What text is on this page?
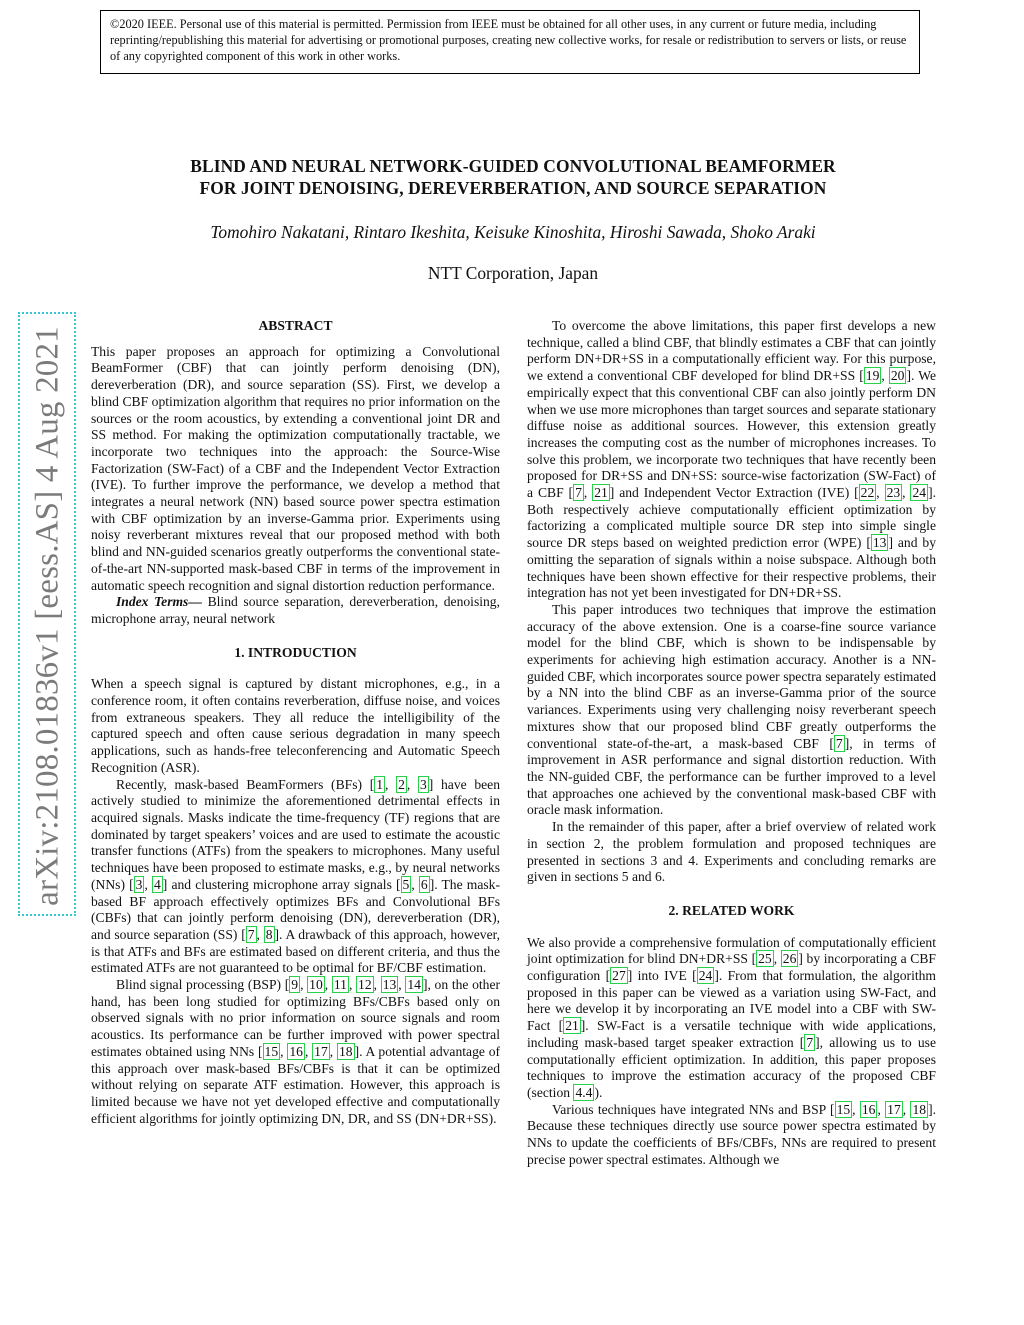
©2020 IEEE. Personal use of this material is permitted. Permission from IEEE must be obtained for all other uses, in any current or future media, including reprinting/republishing this material for advertising or promotional purposes, creating new collective works, for resale or redistribution to servers or lists, or reuse of any copyrighted component of this work in other works.
BLIND AND NEURAL NETWORK-GUIDED CONVOLUTIONAL BEAMFORMER
FOR JOINT DENOISING, DEREVERBERATION, AND SOURCE SEPARATION
Tomohiro Nakatani, Rintaro Ikeshita, Keisuke Kinoshita, Hiroshi Sawada, Shoko Araki
NTT Corporation, Japan
arXiv:2108.01836v1 [eess.AS] 4 Aug 2021
ABSTRACT

This paper proposes an approach for optimizing a Convolutional BeamFormer (CBF) that can jointly perform denoising (DN), dereverberation (DR), and source separation (SS). First, we develop a blind CBF optimization algorithm that requires no prior information on the sources or the room acoustics, by extending a conventional joint DR and SS method. For making the optimization computationally tractable, we incorporate two techniques into the approach: the Source-Wise Factorization (SW-Fact) of a CBF and the Independent Vector Extraction (IVE). To further improve the performance, we develop a method that integrates a neural network (NN) based source power spectra estimation with CBF optimization by an inverse-Gamma prior. Experiments using noisy reverberant mixtures reveal that our proposed method with both blind and NN-guided scenarios greatly outperforms the conventional state-of-the-art NN-supported mask-based CBF in terms of the improvement in automatic speech recognition and signal distortion reduction performance.

Index Terms— Blind source separation, dereverberation, denoising, microphone array, neural network

1. INTRODUCTION

When a speech signal is captured by distant microphones, e.g., in a conference room, it often contains reverberation, diffuse noise, and voices from extraneous speakers. They all reduce the intelligibility of the captured speech and often cause serious degradation in many speech applications, such as hands-free teleconferencing and Automatic Speech Recognition (ASR).

Recently, mask-based BeamFormers (BFs) [ 1 , 2 , 3 ] have been actively studied to minimize the aforementioned detrimental effects in acquired signals. Masks indicate the time-frequency (TF) regions that are dominated by target speakers’ voices and are used to estimate the acoustic transfer functions (ATFs) from the speakers to microphones. Many useful techniques have been proposed to estimate masks, e.g., by neural networks (NNs) [ 3 , 4 ] and clustering microphone array signals [ 5 , 6 ]. The mask-based BF approach effectively optimizes BFs and Convolutional BFs (CBFs) that can jointly perform denoising (DN), dereverberation (DR), and source separation (SS) [ 7 , 8 ]. A drawback of this approach, however, is that ATFs and BFs are estimated based on different criteria, and thus the estimated ATFs are not guaranteed to be optimal for BF/CBF estimation.

Blind signal processing (BSP) [ 9 , 10 , 11 , 12 , 13 , 14 ], on the other hand, has been long studied for optimizing BFs/CBFs based only on observed signals with no prior information on source signals and room acoustics. Its performance can be further improved with power spectral estimates obtained using NNs [ 15 , 16 , 17 , 18 ]. A potential advantage of this approach over mask-based BFs/CBFs is that it can be optimized without relying on separate ATF estimation. However, this approach is limited because we have not yet developed effective and computationally efficient algorithms for jointly optimizing DN, DR, and SS (DN+DR+SS).

To overcome the above limitations, this paper first develops a new technique, called a blind CBF, that blindly estimates a CBF that can jointly perform DN+DR+SS in a computationally efficient way. For this purpose, we extend a conventional CBF developed for blind DR+SS [ 19 , 20 ]. We empirically expect that this conventional CBF can also jointly perform DN when we use more microphones than target sources and separate stationary diffuse noise as additional sources. However, this extension greatly increases the computing cost as the number of microphones increases. To solve this problem, we incorporate two techniques that have recently been proposed for DR+SS and DN+SS: source-wise factorization (SW-Fact) of a CBF [ 7 , 21 ] and Independent Vector Extraction (IVE) [ 22 , 23 , 24 ]. Both respectively achieve computationally efficient optimization by factorizing a complicated multiple source DR step into simple single source DR steps based on weighted prediction error (WPE) [ 13 ] and by omitting the separation of signals within a noise subspace. Although both techniques have been shown effective for their respective problems, their integration has not yet been investigated for DN+DR+SS.

This paper introduces two techniques that improve the estimation accuracy of the above extension. One is a coarse-fine source variance model for the blind CBF, which is shown to be indispensable by experiments for achieving high estimation accuracy. Another is a NN-guided CBF, which incorporates source power spectra separately estimated by a NN into the blind CBF as an inverse-Gamma prior of the source variances. Experiments using very challenging noisy reverberant speech mixtures show that our proposed blind CBF greatly outperforms the conventional state-of-the-art, a mask-based CBF [ 7 ], in terms of improvement in ASR performance and signal distortion reduction. With the NN-guided CBF, the performance can be further improved to a level that approaches one achieved by the conventional mask-based CBF with oracle mask information.

In the remainder of this paper, after a brief overview of related work in section 2, the problem formulation and proposed techniques are presented in sections 3 and 4. Experiments and concluding remarks are given in sections 5 and 6.

2. RELATED WORK

We also provide a comprehensive formulation of computationally efficient joint optimization for blind DN+DR+SS [ 25 , 26 ] by incorporating a CBF configuration [ 27 ] into IVE [ 24 ]. From that formulation, the algorithm proposed in this paper can be viewed as a variation using SW-Fact, and here we develop it by incorporating an IVE model into a CBF with SW-Fact [ 21 ]. SW-Fact is a versatile technique with wide applications, including mask-based target speaker extraction [ 7 ], allowing us to use computationally efficient optimization. In addition, this paper proposes techniques to improve the estimation accuracy of the proposed CBF (section 4.4 ).

Various techniques have integrated NNs and BSP [ 15 , 16 , 17 , 18 ]. Because these techniques directly use source power spectra estimated by NNs to update the coefficients of BFs/CBFs, NNs are required to present precise power spectral estimates. Although we
